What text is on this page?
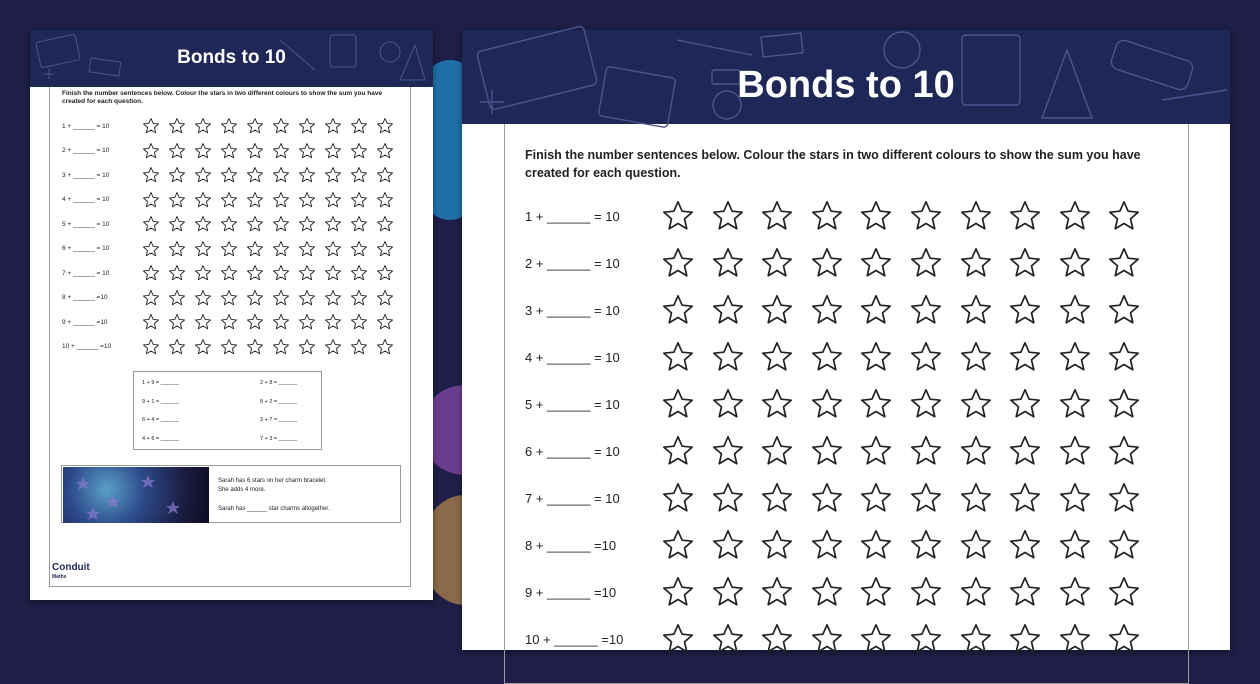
Bonds to 10
Finish the number sentences below. Colour the stars in two different colours to show the sum you have created for each question.
1 + ______ = 10
2 + ______ = 10
3 + ______ = 10
4 + ______ = 10
5 + ______ = 10
6 + ______ = 10
7 + ______ = 10
8 + ______ =10
9 + ______ =10
10 + ______ =10
1 + 9 = ______
9 + 1 = ______
6 + 4 = ______
4 + 6 = ______
2 + 8 = ______
8 + 2 = ______
3 + 7 = ______
7 + 3 = ______
Sarah has 6 stars on her charm bracelet.
She adds 4 more.
Sarah has ______ star charms altogether.
Conduit
Maths
Bonds to 10
Finish the number sentences below. Colour the stars in two different colours to show the sum you have created for each question.
1 + ______ = 10
2 + ______ = 10
3 + ______ = 10
4 + ______ = 10
5 + ______ = 10
6 + ______ = 10
7 + ______ = 10
8 + ______ =10
9 + ______ =10
10 + ______ =10
